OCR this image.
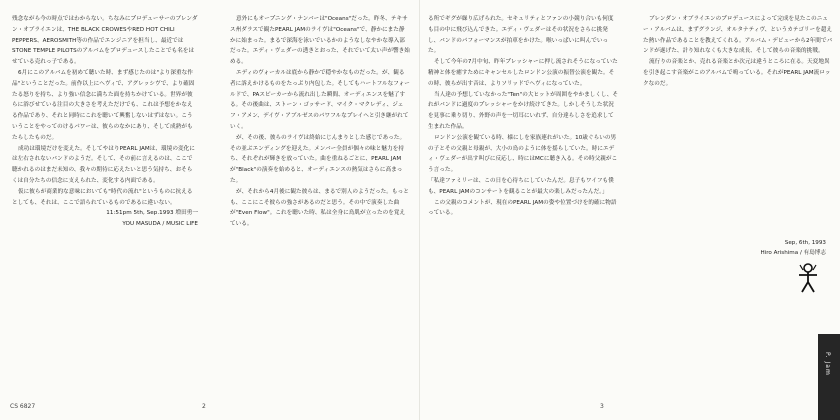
残念ながら今の時点ではわからない。ちなみにプロデューサーのブレンダン・オブライエンは、THE BLACK CROWESやRED HOT CHILI PEPPERS、AEROSMITH等の作品でエンジニアを担当し、最近ではSTONE TEMPLE PILOTSのアルバムをプロデュースしたことでも名をはせている売れっ子である。

6月にこのアルバムを初めて聴いた時、まず感じたのは"より深重な作品"ということだった。前作以上にヘヴィで、アグレッシヴで、より確固たる怒りを持ち、より強い信念に満ちた面を持ちかけている。世界が彼らに浴びせている注目の大きさを考えただけでも、これは予想をかなえる作品であり、それと同時にこれを聴いて興奮しないはずはない。こういうことをやってのけるパワーは、彼らのなかにあり、そして成熟がもたらしたものだ。

成功は環境だけを変えた。そしてやはりPEARL JAMは、環境の変化には左右されないバンドのようだ。そして、その前に言えるのは、ここで聴かれるのはまだ未知の、我々の期待に応えたいと思う気持ち、おそらくは自分たちの信念に支えられた、変化する内面である。

仮に彼らが商業的な意味においても"時代の流れ"というものに抗えるとしても、それは、ここで語られているものであるに違いない。

11:51pm 5th, Sep.1993 増田勇一

YOU MASUDA / MUSIC LIFE

意外にもオープニング・ナンバーは"Oceans"だった。昨冬、テキサス州ダラスで観たPEARL JAMのライヴは"Oceans"で、静かにまた静かに始まった。まるで深海を泳いでいるかのようなしなやかな導入部だった。エディ・ヴェダーの透きとおった、それでいて太い声が響き始める。

エディのヴォーカルは底から静かで穏やかなものだった。が、観る者に訴えかけるものをたっぷり内包した。そしてもハートフルなフォールドで、PAスピーカーから流れ出した瞬間、オーディエンスを魅了する。その後曲は、ストーン・ゴッサード、マイク・マクレディ、ジェフ・アメン、デイヴ・アブルゼスのパワフルなプレイへと引き継がれていく。

が、その後、彼らのライヴは終始にじんまりとした感じであった。その並ぶエンディングを迎えた。メンバー全員が個々の味と魅力を持ち、それぞれが輝きを放っていた。曲を重ねるごとに、PEARL JAMが"Black"の演奏を始めると、オーディエンスの熱気はさらに高まった。

が、それから4月後に観た彼らは、まるで別人のようだった。もっとも、ここにこそ彼らの強さがあるのだと思う。その中で演奏した曲が"Even Flow"。これを聴いた時、私は全身に鳥肌が立ったのを覚えている。

CS 6827	2

る所でギグが繰り広げられた。セキュリティとファンの小競り合いも何度も目の中に飛び込んできた。エディ・ヴェダーはその状況をさらに挑発し、バンドのパフォーマンスが拍車をかけた。喉いっぱいに叫んでいった。

そして今年の7月中旬、昨年プレッシャーに押し流されそうになっていた精神と体を癒すためにキャンセルしたロンドン公演の振替公演を観た。その時、彼らが出す音は、よりソリッドでヘヴィになっていた。

当人達の予想していなかった"Ten"の大ヒットが周囲をやかましくし、それがバンドに過度のプレッシャーをかけ続けてきた。しかしそうした状況を見事に乗り切り、外野の声を一切耳にいれず、自分達らしさを追求して生まれた作品。

ロンドン公演を観ている時、様にしを家族連れがいた。10歳ぐらいの男の子とその父親と母親が、大小の鳥のように体を揺らしていた。時にエディ・ヴェダーが出す叫びに反応し、時にはMCに聴き入る。その時父親がこう言った。

「私達ファミリーは、この日を心待ちにしていたんだ。息子もワイフも僕も、PEARL JAMのコンサートを観ることが最大の楽しみだったんだ。」

この父親のコメントが、現在のPEARL JAMの姿や位置づけを的確に物語っている。

ブレンダン・オブライエンのプロデュースによって完成を見たこのニュー・アルバムは、まずグランジ、オルタナティヴ、というカテゴリーを超えた熱い作品であることを教えてくれる。アルバム・デビューから2年間でバンドが遂げた、計り知れなくも大きな成長、そして彼らの音楽的挑戦。

流行りの音楽とか、売れる音楽とか次元は違うところに在る。天変地異を引き起こす音楽がこのアルバムで鳴っている。それがPEARL JAM流ロックなのだ。

Sep, 6th, 1993
Hiro Arishima / 有島博志
3
P. Jam
